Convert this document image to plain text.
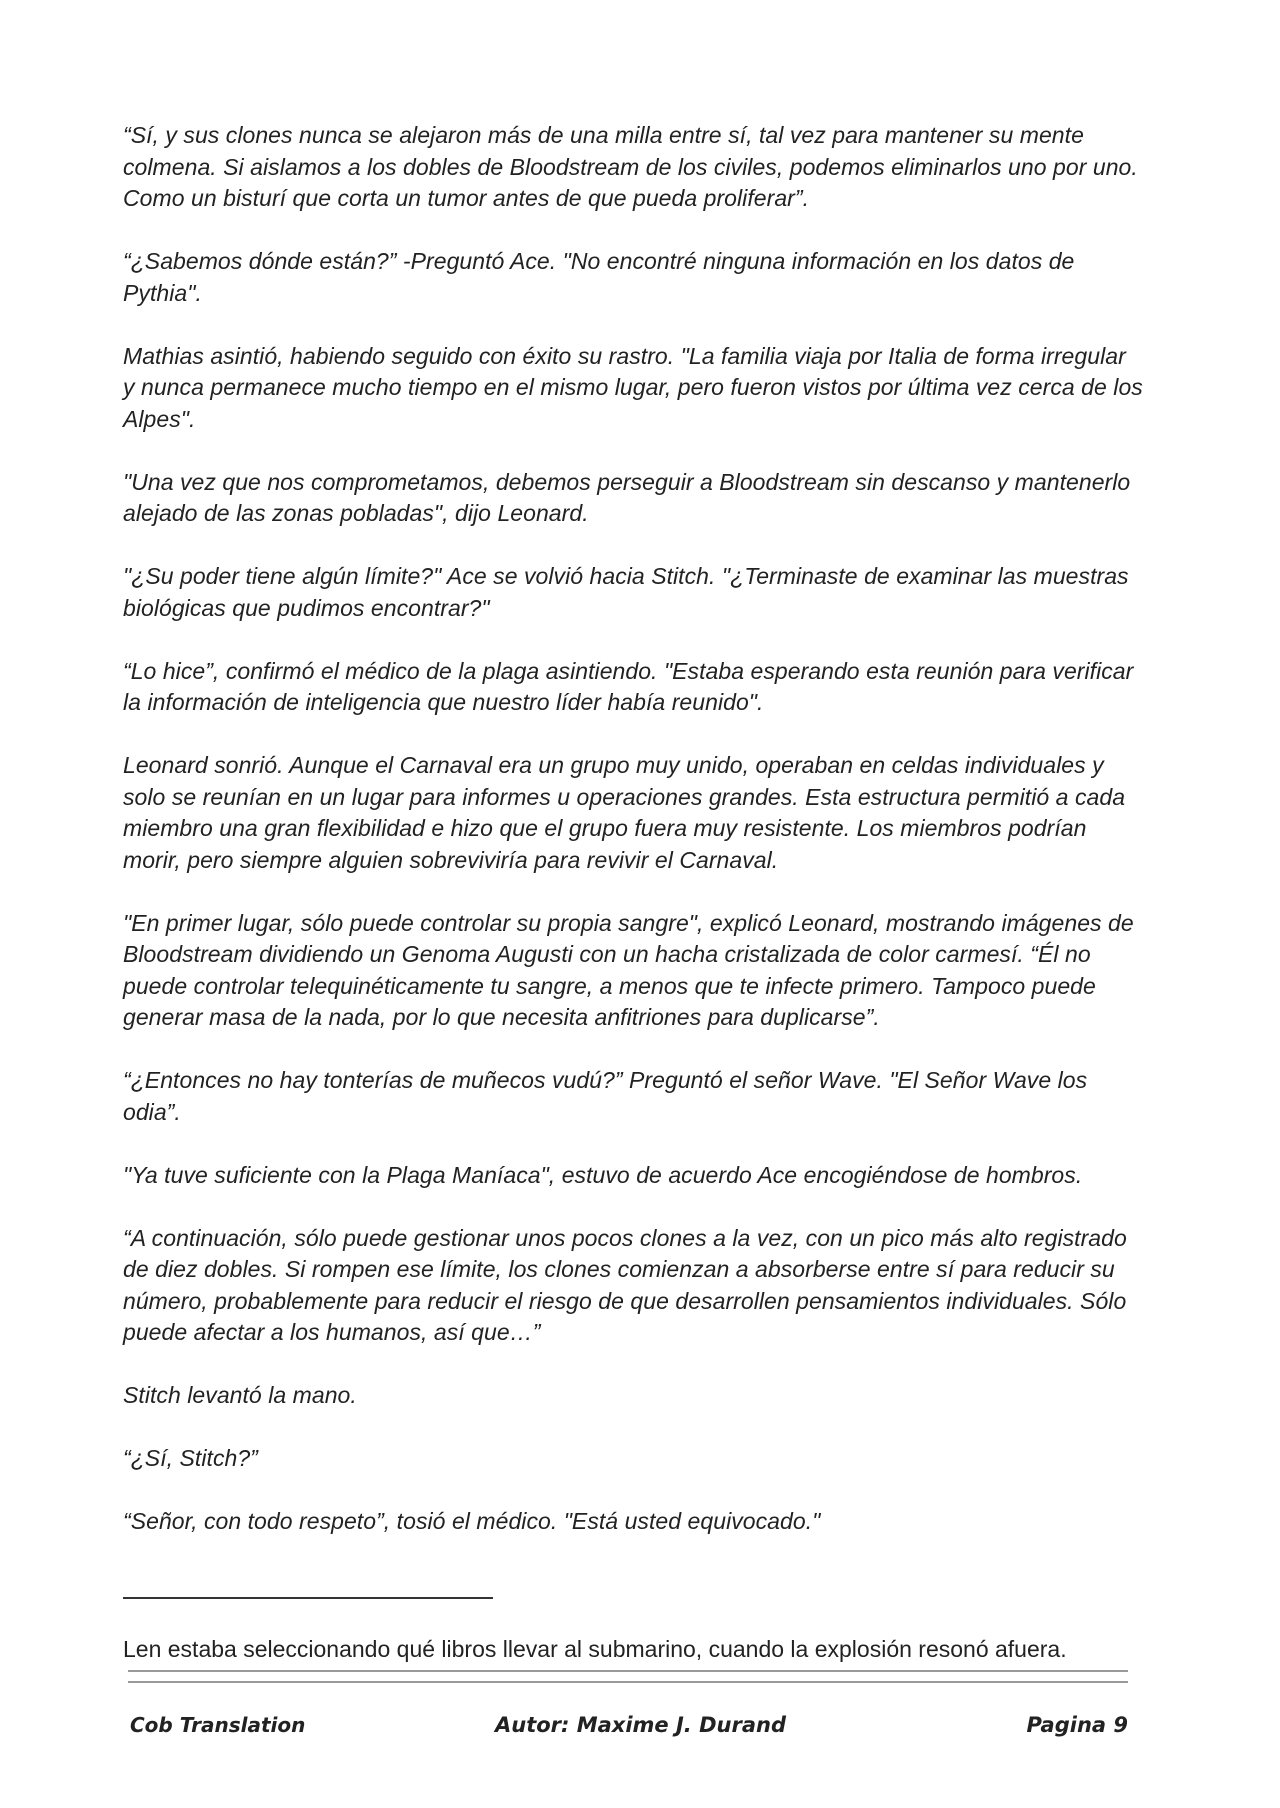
“Sí, y sus clones nunca se alejaron más de una milla entre sí, tal vez para mantener su mente colmena. Si aislamos a los dobles de Bloodstream de los civiles, podemos eliminarlos uno por uno. Como un bisturí que corta un tumor antes de que pueda proliferar”.

“¿Sabemos dónde están?” -Preguntó Ace. "No encontré ninguna información en los datos de Pythia".

Mathias asintió, habiendo seguido con éxito su rastro. "La familia viaja por Italia de forma irregular y nunca permanece mucho tiempo en el mismo lugar, pero fueron vistos por última vez cerca de los Alpes".

"Una vez que nos comprometamos, debemos perseguir a Bloodstream sin descanso y mantenerlo alejado de las zonas pobladas", dijo Leonard.

"¿Su poder tiene algún límite?" Ace se volvió hacia Stitch. "¿Terminaste de examinar las muestras biológicas que pudimos encontrar?"

“Lo hice”, confirmó el médico de la plaga asintiendo. "Estaba esperando esta reunión para verificar la información de inteligencia que nuestro líder había reunido".

Leonard sonrió. Aunque el Carnaval era un grupo muy unido, operaban en celdas individuales y solo se reunían en un lugar para informes u operaciones grandes. Esta estructura permitió a cada miembro una gran flexibilidad e hizo que el grupo fuera muy resistente. Los miembros podrían morir, pero siempre alguien sobreviviría para revivir el Carnaval.

"En primer lugar, sólo puede controlar su propia sangre", explicó Leonard, mostrando imágenes de Bloodstream dividiendo un Genoma Augusti con un hacha cristalizada de color carmesí. “Él no puede controlar telequinéticamente tu sangre, a menos que te infecte primero. Tampoco puede generar masa de la nada, por lo que necesita anfitriones para duplicarse”.

“¿Entonces no hay tonterías de muñecos vudú?” Preguntó el señor Wave. "El Señor Wave los odia”.

"Ya tuve suficiente con la Plaga Maníaca", estuvo de acuerdo Ace encogiéndose de hombros.

“A continuación, sólo puede gestionar unos pocos clones a la vez, con un pico más alto registrado de diez dobles. Si rompen ese límite, los clones comienzan a absorberse entre sí para reducir su número, probablemente para reducir el riesgo de que desarrollen pensamientos individuales. Sólo puede afectar a los humanos, así que…”

Stitch levantó la mano.

“¿Sí, Stitch?”

“Señor, con todo respeto”, tosió el médico. "Está usted equivocado."

Len estaba seleccionando qué libros llevar al submarino, cuando la explosión resonó afuera.
Cob Translation	Autor: Maxime J. Durand	Pagina 9
